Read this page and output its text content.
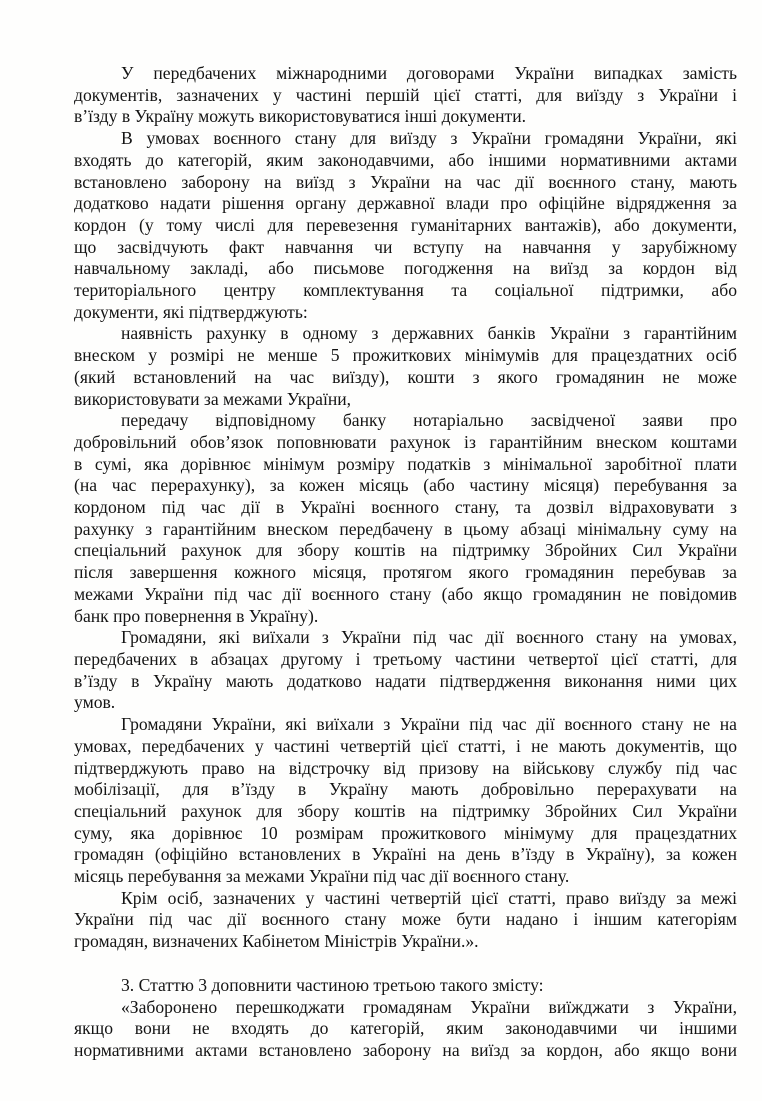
У передбачених міжнародними договорами України випадках замість
документів, зазначених у частині першій цієї статті, для виїзду з України і
в’їзду в Україну можуть використовуватися інші документи.
В умовах воєнного стану для виїзду з України громадяни України, які
входять до категорій, яким законодавчими, або іншими нормативними актами
встановлено заборону на виїзд з України на час дії воєнного стану, мають
додатково надати рішення органу державної влади про офіційне відрядження за
кордон (у тому числі для перевезення гуманітарних вантажів), або документи,
що засвідчують факт навчання чи вступу на навчання у зарубіжному
навчальному закладі, або письмове погодження на виїзд за кордон від
територіального центру комплектування та соціальної підтримки, або
документи, які підтверджують:
наявність рахунку в одному з державних банків України з гарантійним
внеском у розмірі не менше 5 прожиткових мінімумів для працездатних осіб
(який встановлений на час виїзду), кошти з якого громадянин не може
використовувати за межами України,
передачу відповідному банку нотаріально засвідченої заяви про
добровільний обов’язок поповнювати рахунок із гарантійним внеском коштами
в сумі, яка дорівнює мінімум розміру податків з мінімальної заробітної плати
(на час перерахунку), за кожен місяць (або частину місяця) перебування за
кордоном під час дії в Україні воєнного стану, та дозвіл відраховувати з
рахунку з гарантійним внеском передбачену в цьому абзаці мінімальну суму на
спеціальний рахунок для збору коштів на підтримку Збройних Сил України
після завершення кожного місяця, протягом якого громадянин перебував за
межами України під час дії воєнного стану (або якщо громадянин не повідомив
банк про повернення в Україну).
Громадяни, які виїхали з України під час дії воєнного стану на умовах,
передбачених в абзацах другому і третьому частини четвертої цієї статті, для
в’їзду в Україну мають додатково надати підтвердження виконання ними цих
умов.
Громадяни України, які виїхали з України під час дії воєнного стану не на
умовах, передбачених у частині четвертій цієї статті, і не мають документів, що
підтверджують право на відстрочку від призову на військову службу під час
мобілізації, для в’їзду в Україну мають добровільно перерахувати на
спеціальний рахунок для збору коштів на підтримку Збройних Сил України
суму, яка дорівнює 10 розмірам прожиткового мінімуму для працездатних
громадян (офіційно встановлених в Україні на день в’їзду в Україну), за кожен
місяць перебування за межами України під час дії воєнного стану.
Крім осіб, зазначених у частині четвертій цієї статті, право виїзду за межі
України під час дії воєнного стану може бути надано і іншим категоріям
громадян, визначених Кабінетом Міністрів України.».
3. Статтю 3 доповнити частиною третьою такого змісту:
«Заборонено перешкоджати громадянам України виїжджати з України,
якщо вони не входять до категорій, яким законодавчими чи іншими
нормативними актами встановлено заборону на виїзд за кордон, або якщо вони
